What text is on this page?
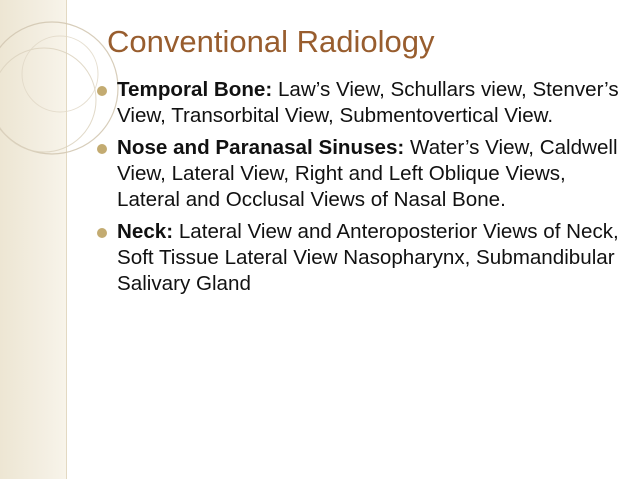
Conventional Radiology
Temporal Bone: Law’s View, Schullars view, Stenver’s View, Transorbital View, Submentovertical View.
Nose and Paranasal Sinuses: Water’s View, Caldwell View, Lateral View, Right and Left Oblique Views, Lateral and Occlusal Views of Nasal Bone.
Neck: Lateral View and Anteroposterior Views of Neck, Soft Tissue Lateral View Nasopharynx, Submandibular Salivary Gland
